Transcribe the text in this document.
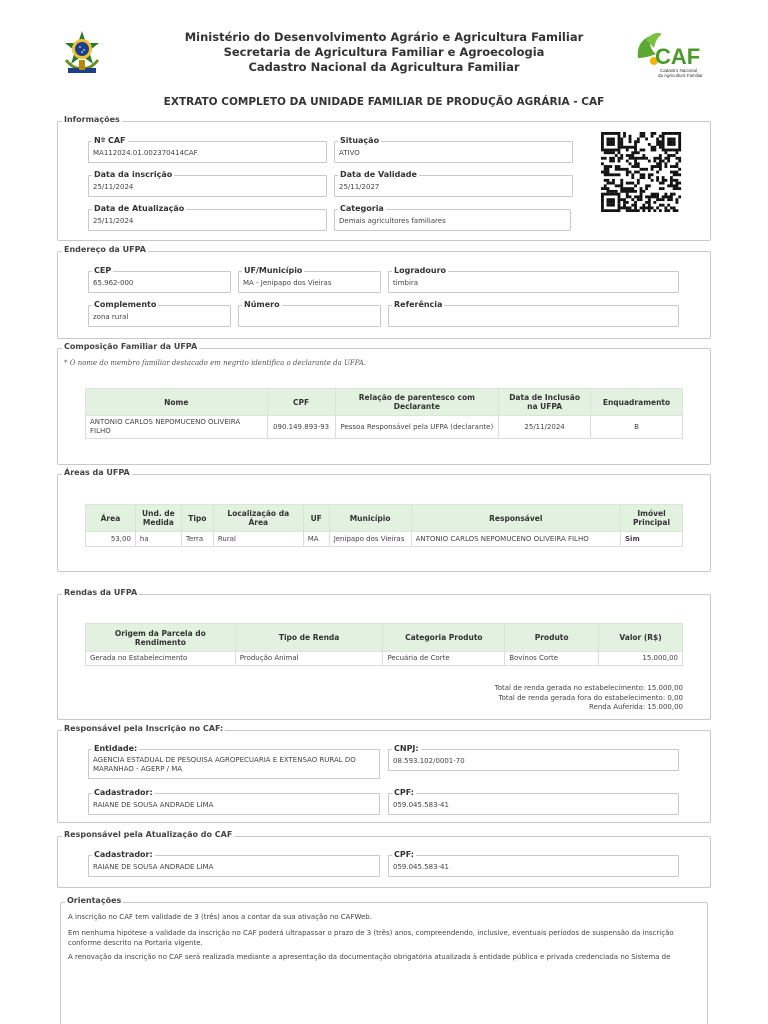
Ministério do Desenvolvimento Agrário e Agricultura Familiar
Secretaria de Agricultura Familiar e Agroecologia
Cadastro Nacional da Agricultura Familiar	CAF
Cadastro Nacional
da Agricultura Familiar
EXTRATO COMPLETO DA UNIDADE FAMILIAR DE PRODUÇÃO AGRÁRIA - CAF
Informações
Nº CAF
MA112024.01.002370414CAF
Situação
ATIVO
Data da inscrição
25/11/2024
Data de Validade
25/11/2027
Data de Atualização
25/11/2024
Categoria
Demais agricultores familiares
Endereço da UFPA
CEP
65.962-000
UF/Município
MA - Jenipapo dos Vieiras
Logradouro
timbira
Complemento
zona rural
Número	Referência
Composição Familiar da UFPA
* O nome do membro familiar destacado em negrito identifica o declarante da UFPA.
Nome	CPF	Relação de parentesco com Declarante	Data de Inclusão na UFPA	Enquadramento
ANTONIO CARLOS NEPOMUCENO OLIVEIRA FILHO	090.149.893-93	Pessoa Responsável pela UFPA (declarante)	25/11/2024	B
Áreas da UFPA
Área	Und. de Medida	Tipo	Localização da Área	UF	Município	Responsável	Imóvel Principal
53,00	ha	Terra	Rural	MA	Jenipapo dos Vieiras	ANTONIO CARLOS NEPOMUCENO OLIVEIRA FILHO	Sim
Rendas da UFPA
Origem da Parcela do Rendimento	Tipo de Renda	Categoria Produto	Produto	Valor (R$)
Gerada no Estabelecimento	Produção Animal	Pecuária de Corte	Bovinos Corte	15.000,00
Total de renda gerada no estabelecimento: 15.000,00
Total de renda gerada fora do estabelecimento: 0,00
Renda Auferida: 15.000,00
Responsável pela Inscrição no CAF:
Entidade:
AGENCIA ESTADUAL DE PESQUISA AGROPECUARIA E EXTENSAO RURAL DO MARANHAO - AGERP / MA
CNPJ:
08.593.102/0001-70
Cadastrador:
RAIANE DE SOUSA ANDRADE LIMA
CPF:
059.045.583-41
Responsável pela Atualização do CAF
Cadastrador:
RAIANE DE SOUSA ANDRADE LIMA
CPF:
059.045.583-41
Orientações
A inscrição no CAF tem validade de 3 (três) anos a contar da sua ativação no CAFWeb.
Em nenhuma hipótese a validade da inscrição no CAF poderá ultrapassar o prazo de 3 (três) anos, compreendendo, inclusive, eventuais períodos de suspensão da inscrição conforme descrito na Portaria vigente.
A renovação da inscrição no CAF será realizada mediante a apresentação da documentação obrigatória atualizada à entidade pública e privada credenciada no Sistema de
